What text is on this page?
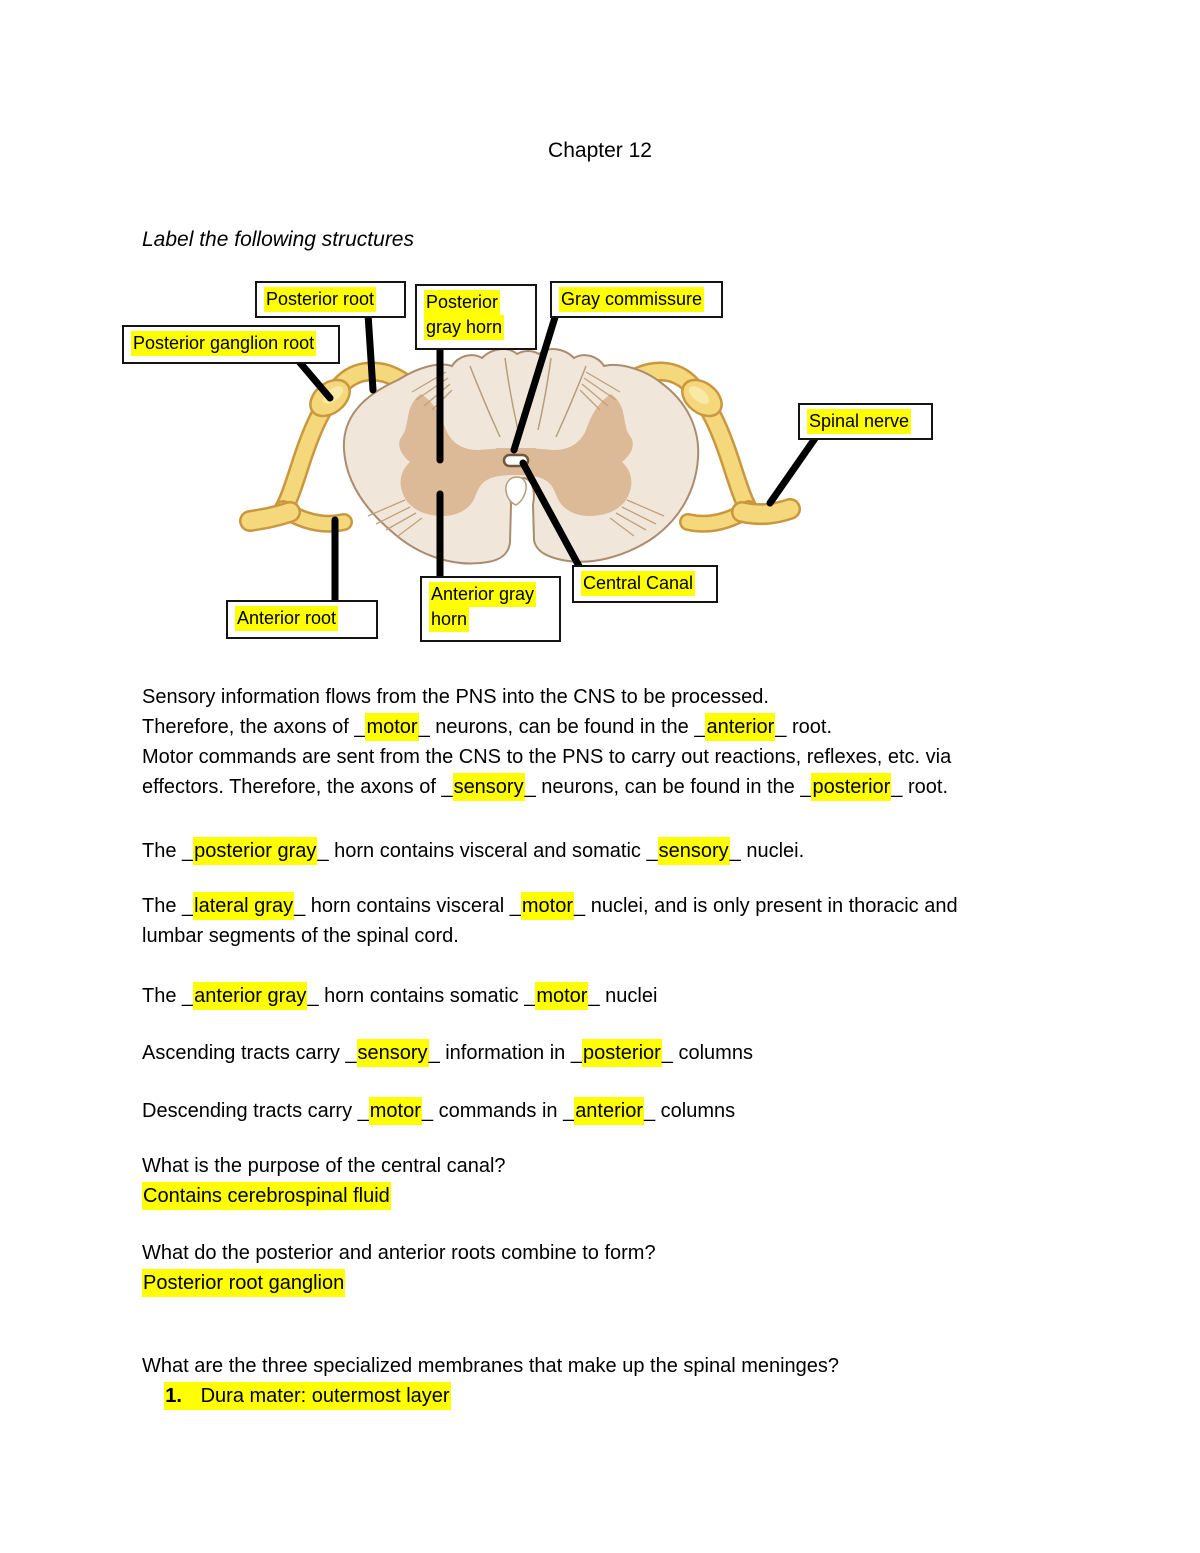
Chapter 12
Label the following structures
Posterior root	Posterior
gray horn
Gray commissure
Posterior ganglion root
Spinal nerve
Central Canal
Anterior gray
horn
Anterior root
Sensory information flows from the PNS into the CNS to be processed.
Therefore, the axons of _motor_ neurons, can be found in the _anterior_ root.
Motor commands are sent from the CNS to the PNS to carry out reactions, reflexes, etc. via
effectors. Therefore, the axons of _sensory_ neurons, can be found in the _posterior_ root.
The _posterior gray_ horn contains visceral and somatic _sensory_ nuclei.
The _lateral gray_ horn contains visceral _motor_ nuclei, and is only present in thoracic and
lumbar segments of the spinal cord.
The _anterior gray_ horn contains somatic _motor_ nuclei
Ascending tracts carry _sensory_ information in _posterior_ columns
Descending tracts carry _motor_ commands in _anterior_ columns
What is the purpose of the central canal?
Contains cerebrospinal fluid
What do the posterior and anterior roots combine to form?
Posterior root ganglion
What are the three specialized membranes that make up the spinal meninges?
1.   Dura mater: outermost layer
